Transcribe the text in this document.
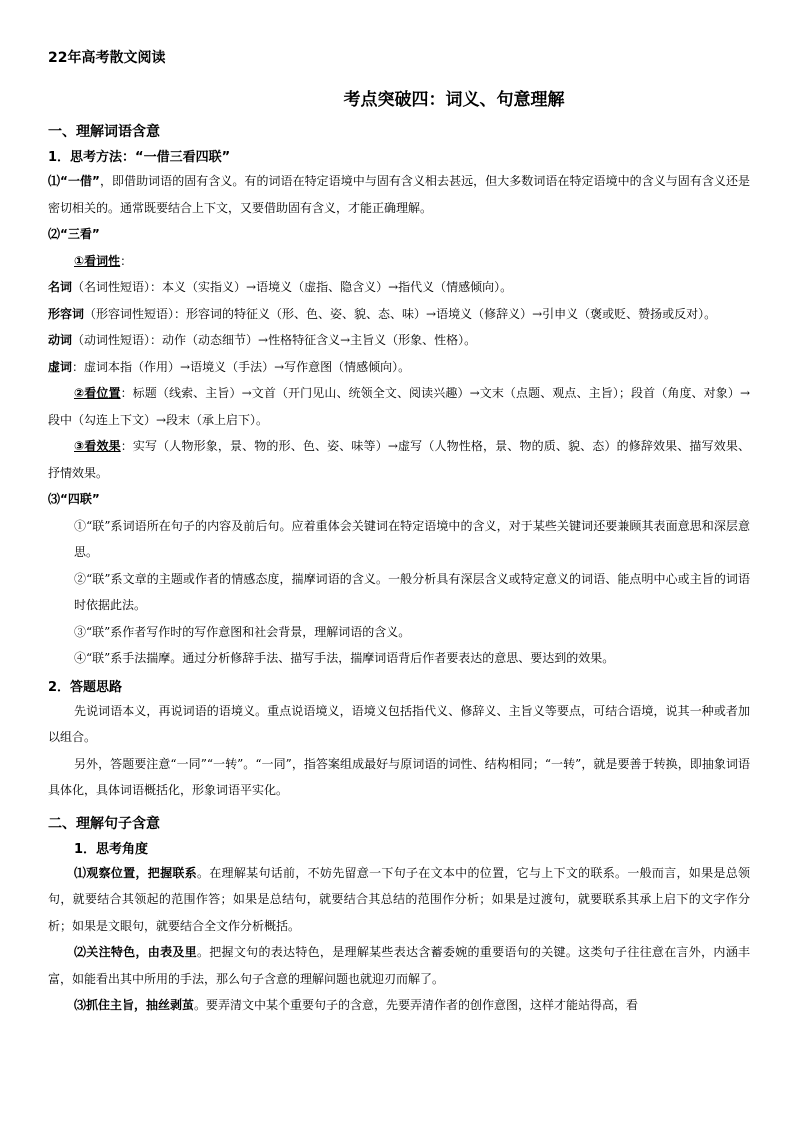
22年高考散文阅读
考点突破四：词义、句意理解
一、理解词语含意
1．思考方法：“一借三看四联”

⑴“一借”，即借助词语的固有含义。有的词语在特定语境中与固有含义相去甚远，但大多数词语在特定语境中的含义与固有含义还是密切相关的。通常既要结合上下文，又要借助固有含义，才能正确理解。

⑵“三看”

①看词性：

名词（名词性短语）：本义（实指义）→语境义（虚指、隐含义）→指代义（情感倾向）。

形容词（形容词性短语）：形容词的特征义（形、色、姿、貌、态、味）→语境义（修辞义）→引申义（褒或贬、赞扬或反对）。

动词（动词性短语）：动作（动态细节）→性格特征含义→主旨义（形象、性格）。

虚词：虚词本指（作用）→语境义（手法）→写作意图（情感倾向）。

②看位置：标题（线索、主旨）→文首（开门见山、统领全文、阅读兴趣）→文末（点题、观点、主旨）；段首（角度、对象）→段中（勾连上下文）→段末（承上启下）。

③看效果：实写（人物形象，景、物的形、色、姿、味等）→虚写（人物性格，景、物的质、貌、态）的修辞效果、描写效果、抒情效果。

⑶“四联”

①“联”系词语所在句子的内容及前后句。应着重体会关键词在特定语境中的含义，对于某些关键词还要兼顾其表面意思和深层意思。

②“联”系文章的主题或作者的情感态度，揣摩词语的含义。一般分析具有深层含义或特定意义的词语、能点明中心或主旨的词语时依据此法。

③“联”系作者写作时的写作意图和社会背景，理解词语的含义。

④“联”系手法揣摩。通过分析修辞手法、描写手法，揣摩词语背后作者要表达的意思、要达到的效果。

2．答题思路

先说词语本义，再说词语的语境义。重点说语境义，语境义包括指代义、修辞义、主旨义等要点，可结合语境，说其一种或者加以组合。

另外，答题要注意“一同”“一转”。“一同”，指答案组成最好与原词语的词性、结构相同；“一转”，就是要善于转换，即抽象词语具体化，具体词语概括化，形象词语平实化。

二、理解句子含意
1．思考角度

⑴观察位置，把握联系。在理解某句话前，不妨先留意一下句子在文本中的位置，它与上下文的联系。一般而言，如果是总领句，就要结合其领起的范围作答；如果是总结句，就要结合其总结的范围作分析；如果是过渡句，就要联系其承上启下的文字作分析；如果是文眼句，就要结合全文作分析概括。

⑵关注特色，由表及里。把握文句的表达特色，是理解某些表达含蓄委婉的重要语句的关键。这类句子往往意在言外，内涵丰富，如能看出其中所用的手法，那么句子含意的理解问题也就迎刃而解了。

⑶抓住主旨，抽丝剥茧。要弄清文中某个重要句子的含意，先要弄清作者的创作意图，这样才能站得高，看
